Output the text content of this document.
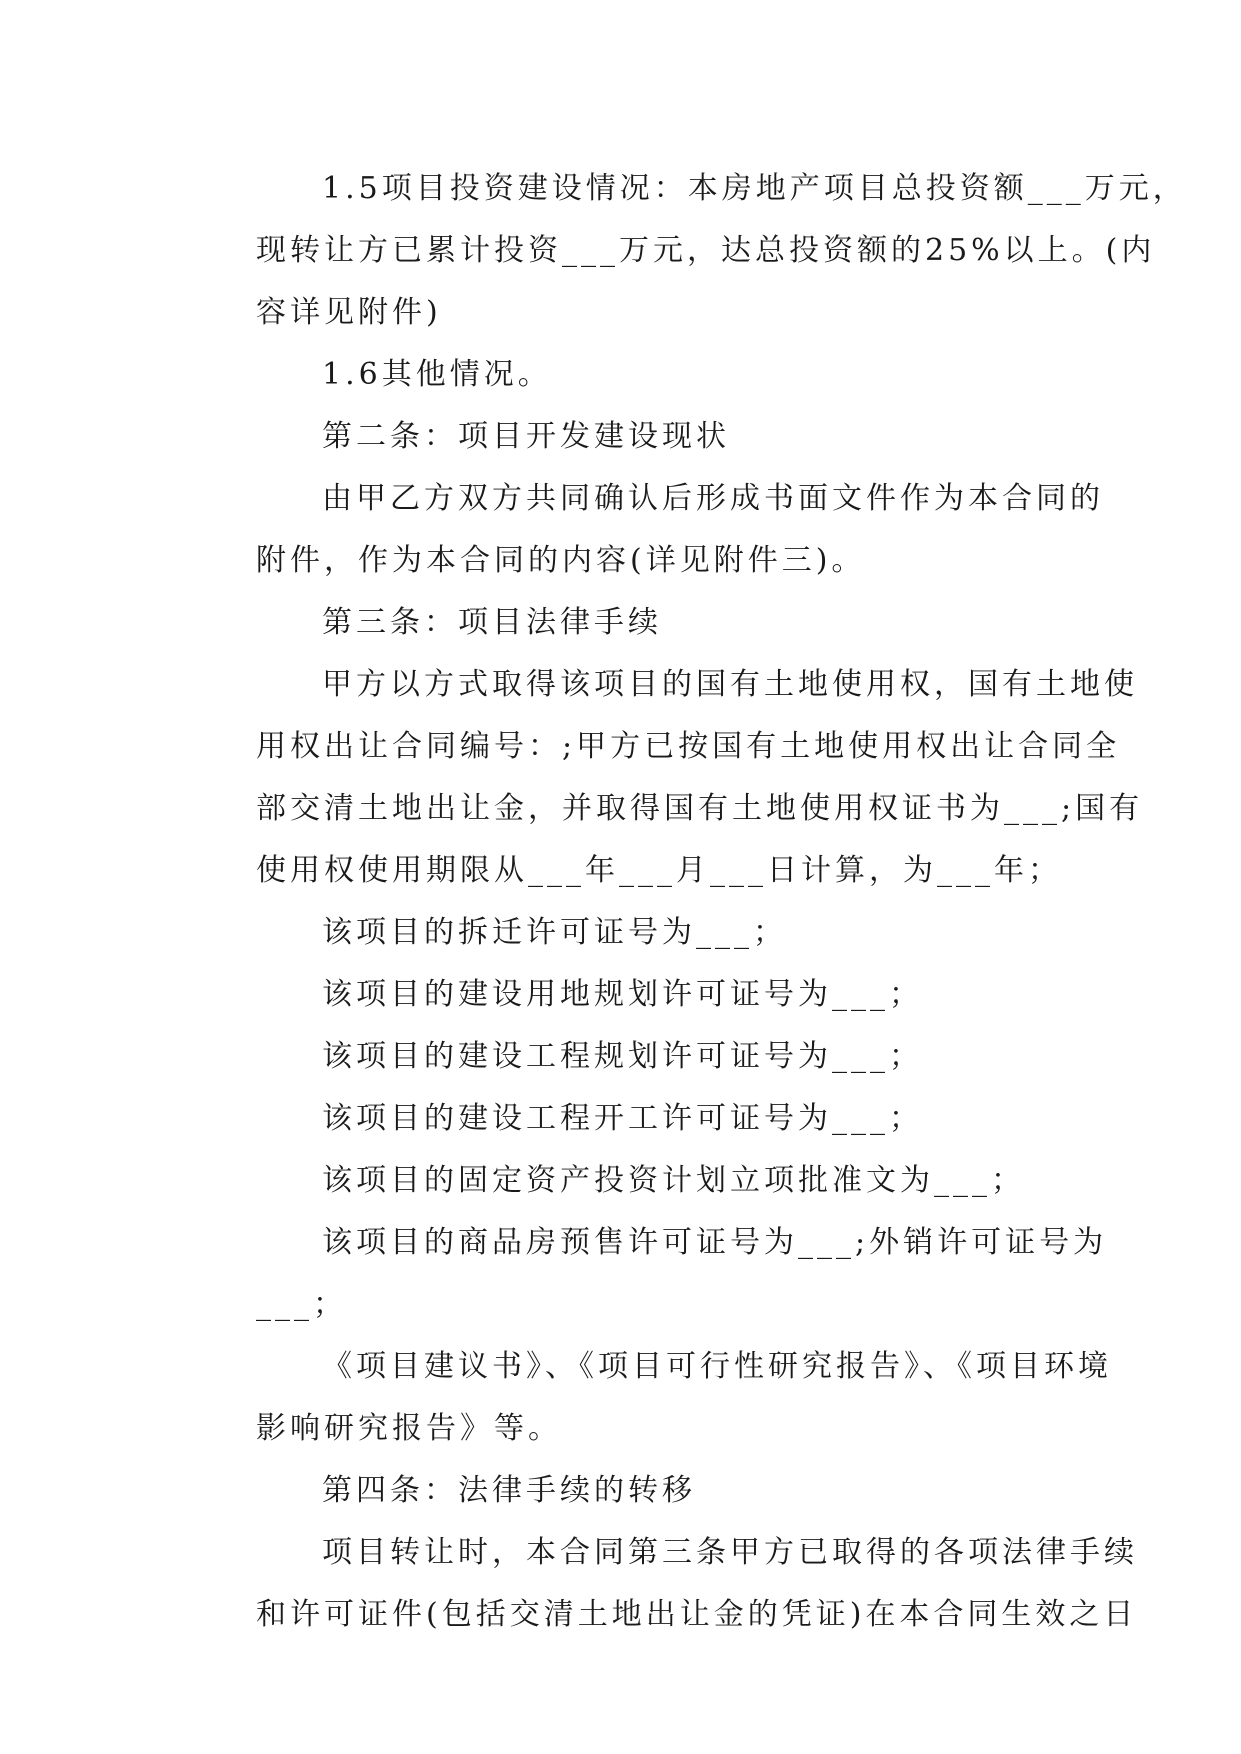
1.5项目投资建设情况：本房地产项目总投资额___万元，
现转让方已累计投资___万元，达总投资额的25%以上。(内
容详见附件)
1.6其他情况。
第二条：项目开发建设现状
由甲乙方双方共同确认后形成书面文件作为本合同的
附件，作为本合同的内容(详见附件三)。
第三条：项目法律手续
甲方以方式取得该项目的国有土地使用权，国有土地使
用权出让合同编号：;甲方已按国有土地使用权出让合同全
部交清土地出让金，并取得国有土地使用权证书为___;国有
使用权使用期限从___年___月___日计算，为___年；
该项目的拆迁许可证号为___；
该项目的建设用地规划许可证号为___；
该项目的建设工程规划许可证号为___；
该项目的建设工程开工许可证号为___；
该项目的固定资产投资计划立项批准文为___；
该项目的商品房预售许可证号为___;外销许可证号为
___；
《项目建议书》、《项目可行性研究报告》、《项目环境
影响研究报告》等。
第四条：法律手续的转移
项目转让时，本合同第三条甲方已取得的各项法律手续
和许可证件(包括交清土地出让金的凭证)在本合同生效之日
